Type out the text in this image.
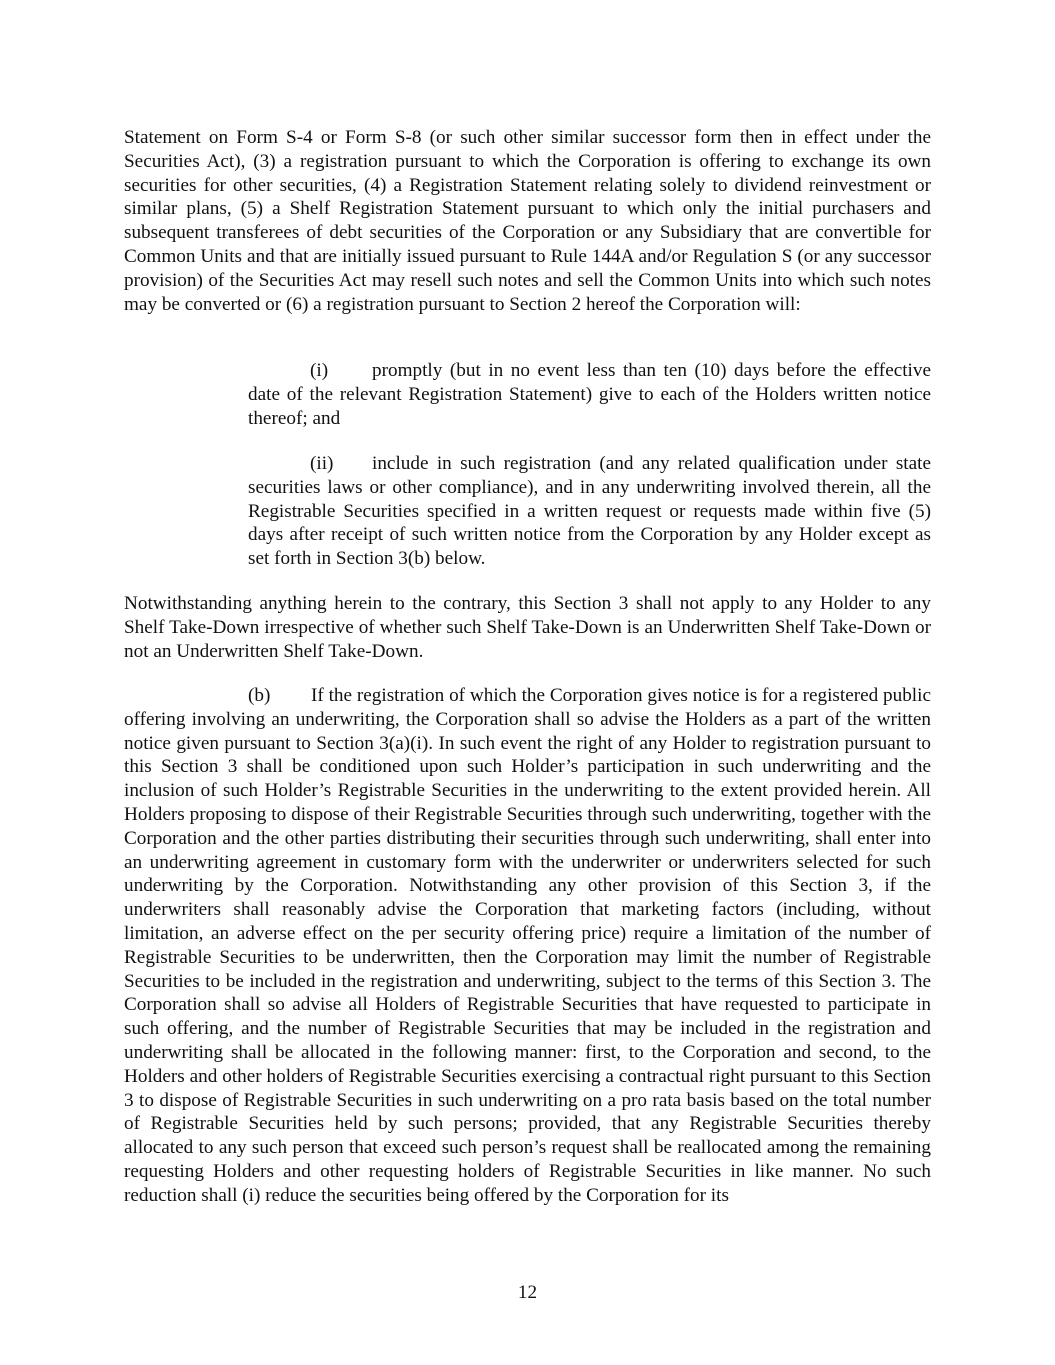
Statement on Form S-4 or Form S-8 (or such other similar successor form then in effect under the Securities Act), (3) a registration pursuant to which the Corporation is offering to exchange its own securities for other securities, (4) a Registration Statement relating solely to dividend reinvestment or similar plans, (5) a Shelf Registration Statement pursuant to which only the initial purchasers and subsequent transferees of debt securities of the Corporation or any Subsidiary that are convertible for Common Units and that are initially issued pursuant to Rule 144A and/or Regulation S (or any successor provision) of the Securities Act may resell such notes and sell the Common Units into which such notes may be converted or (6) a registration pursuant to Section 2 hereof the Corporation will:

(i) promptly (but in no event less than ten (10) days before the effective date of the relevant Registration Statement) give to each of the Holders written notice thereof; and

(ii) include in such registration (and any related qualification under state securities laws or other compliance), and in any underwriting involved therein, all the Registrable Securities specified in a written request or requests made within five (5) days after receipt of such written notice from the Corporation by any Holder except as set forth in Section 3(b) below.

Notwithstanding anything herein to the contrary, this Section 3 shall not apply to any Holder to any Shelf Take-Down irrespective of whether such Shelf Take-Down is an Underwritten Shelf Take-Down or not an Underwritten Shelf Take-Down.

(b) If the registration of which the Corporation gives notice is for a registered public offering involving an underwriting, the Corporation shall so advise the Holders as a part of the written notice given pursuant to Section 3(a)(i). In such event the right of any Holder to registration pursuant to this Section 3 shall be conditioned upon such Holder’s participation in such underwriting and the inclusion of such Holder’s Registrable Securities in the underwriting to the extent provided herein. All Holders proposing to dispose of their Registrable Securities through such underwriting, together with the Corporation and the other parties distributing their securities through such underwriting, shall enter into an underwriting agreement in customary form with the underwriter or underwriters selected for such underwriting by the Corporation. Notwithstanding any other provision of this Section 3, if the underwriters shall reasonably advise the Corporation that marketing factors (including, without limitation, an adverse effect on the per security offering price) require a limitation of the number of Registrable Securities to be underwritten, then the Corporation may limit the number of Registrable Securities to be included in the registration and underwriting, subject to the terms of this Section 3. The Corporation shall so advise all Holders of Registrable Securities that have requested to participate in such offering, and the number of Registrable Securities that may be included in the registration and underwriting shall be allocated in the following manner: first, to the Corporation and second, to the Holders and other holders of Registrable Securities exercising a contractual right pursuant to this Section 3 to dispose of Registrable Securities in such underwriting on a pro rata basis based on the total number of Registrable Securities held by such persons; provided, that any Registrable Securities thereby allocated to any such person that exceed such person’s request shall be reallocated among the remaining requesting Holders and other requesting holders of Registrable Securities in like manner. No such reduction shall (i) reduce the securities being offered by the Corporation for its

12
